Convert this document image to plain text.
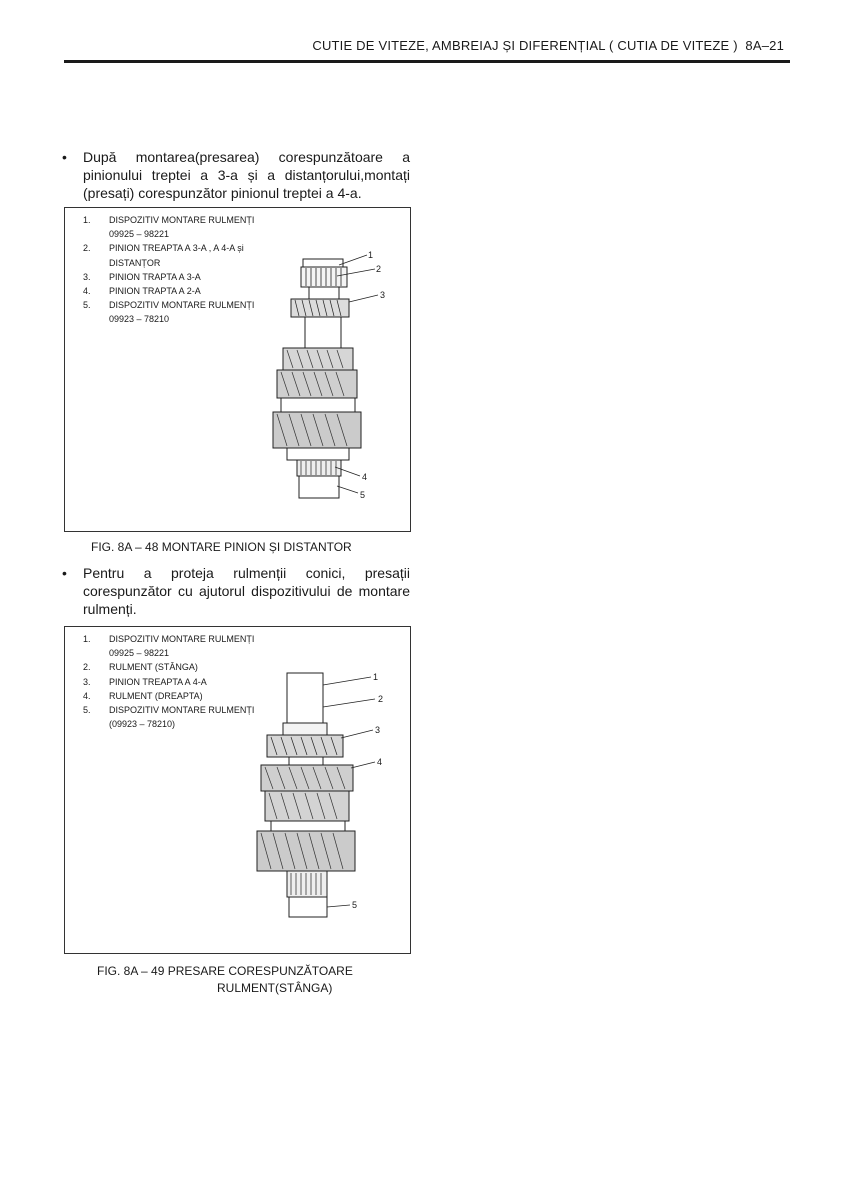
CUTIE DE VITEZE, AMBREIAJ ȘI DIFERENȚIAL ( CUTIA DE VITEZE ) 8A–21
• După montarea(presarea) corespunzătoare a pinionului treptei a 3-a și a distanțorului,montați (presați) corespunzător pinionul treptei a 4-a.
1
2
3
4
5
1. DISPOZITIV MONTARE RULMENȚI
09925 – 98221
2. PINION TREAPTA A 3-A , A 4-A și
DISTANȚOR
3. PINION TRAPTA A 3-A
4. PINION TRAPTA A 2-A
5. DISPOZITIV MONTARE RULMENȚI
09923 – 78210
FIG. 8A – 48 MONTARE PINION ȘI DISTANTOR
• Pentru a proteja rulmenții conici, presații corespunzător cu ajutorul dispozitivului de montare rulmenți.
1
2
3
4
5
1. DISPOZITIV MONTARE RULMENȚI
09925 – 98221
2. RULMENT (STÂNGA)
3. PINION TREAPTA A 4-A
4. RULMENT (DREAPTA)
5. DISPOZITIV MONTARE RULMENȚI
(09923 – 78210)
FIG. 8A – 49 PRESARE CORESPUNZĂTOARE
RULMENT(STÂNGA)
